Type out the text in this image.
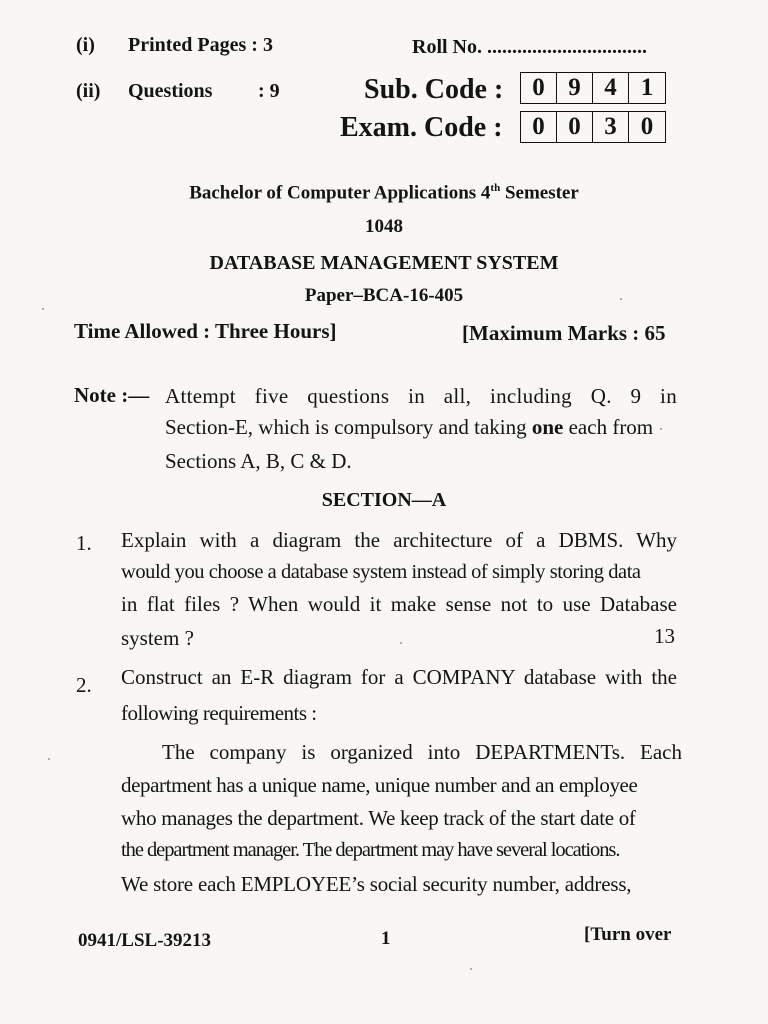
(i) Printed Pages : 3	Roll No. ................................
(ii) Questions : 9	Sub. Code :	0 9 4 1
Exam. Code :	0 0 3 0
Bachelor of Computer Applications 4th Semester
1048
DATABASE MANAGEMENT SYSTEM
Paper–BCA-16-405
Time Allowed : Three Hours]	[Maximum Marks : 65
Note :— Attempt five questions in all, including Q. 9 in
Section-E, which is compulsory and taking one each from
Sections A, B, C & D.
SECTION—A
1. Explain with a diagram the architecture of a DBMS. Why
would you choose a database system instead of simply storing data
in flat files ? When would it make sense not to use Database
system ?	13
2. Construct an E-R diagram for a COMPANY database with the
following requirements :
The company is organized into DEPARTMENTs. Each
department has a unique name, unique number and an employee
who manages the department. We keep track of the start date of
the department manager. The department may have several locations.
We store each EMPLOYEE’s social security number, address,
0941/LSL-39213	1	[Turn over
